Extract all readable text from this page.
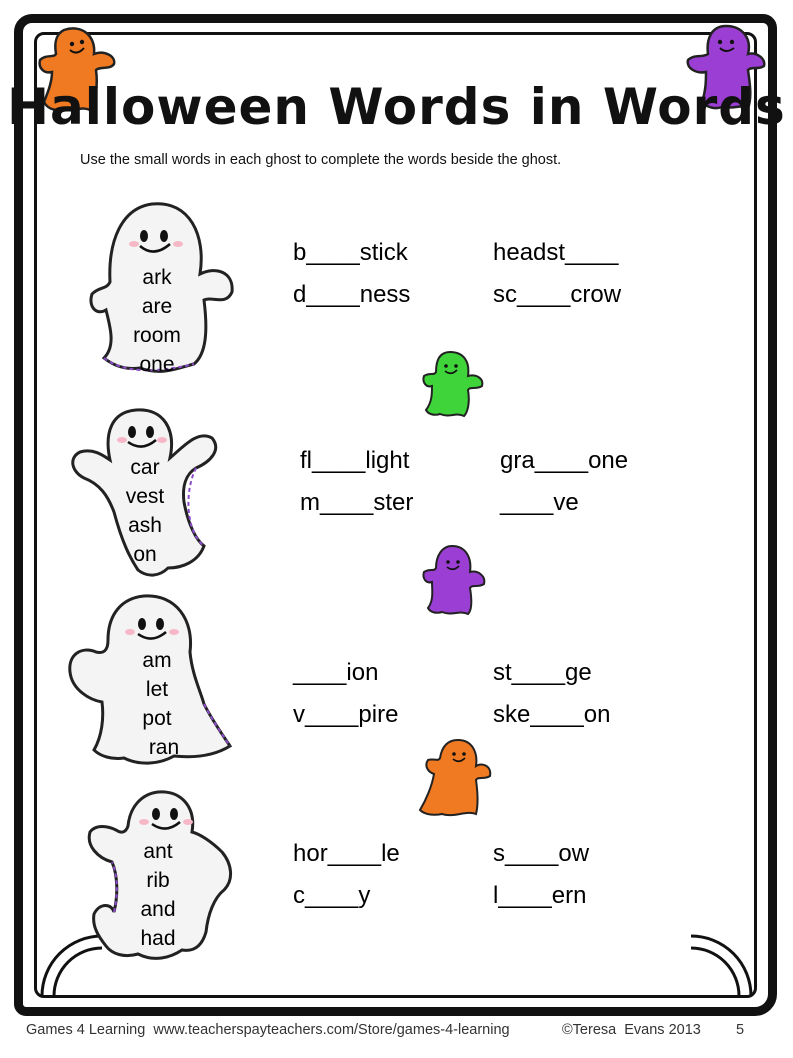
Halloween Words in Words
Use the small words in each ghost to complete the words beside the ghost.
ark
are
room
one
b____stick	headst____
d____ness	sc____crow
car
vest
ash
on
fl____light	gra____one
m____ster	____ve
am
let
pot
ran
____ion	st____ge
v____pire	ske____on
ant
rib
and
had
hor____le	s____ow
c____y	l____ern
Games 4 Learning  www.teacherspayteachers.com/Store/games-4-learning	©Teresa  Evans 2013 5
